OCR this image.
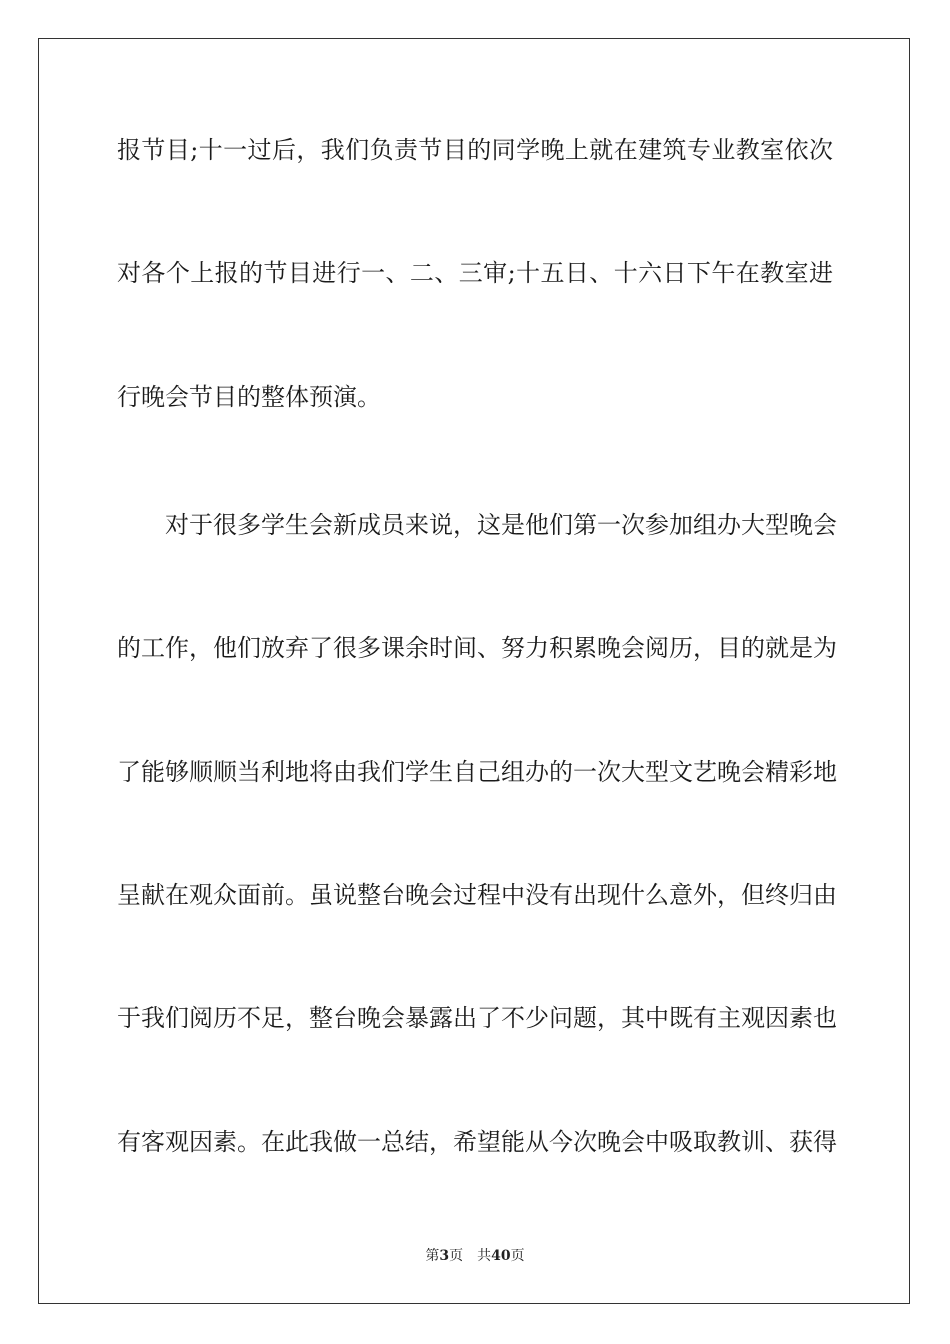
报节目;十一过后，我们负责节目的同学晚上就在建筑专业教室依次
对各个上报的节目进行一、二、三审;十五日、十六日下午在教室进
行晚会节目的整体预演。
对于很多学生会新成员来说，这是他们第一次参加组办大型晚会
的工作，他们放弃了很多课余时间、努力积累晚会阅历，目的就是为
了能够顺顺当利地将由我们学生自己组办的一次大型文艺晚会精彩地
呈献在观众面前。虽说整台晚会过程中没有出现什么意外，但终归由
于我们阅历不足，整台晚会暴露出了不少问题，其中既有主观因素也
有客观因素。在此我做一总结，希望能从今次晚会中吸取教训、获得
第3页 共40页
